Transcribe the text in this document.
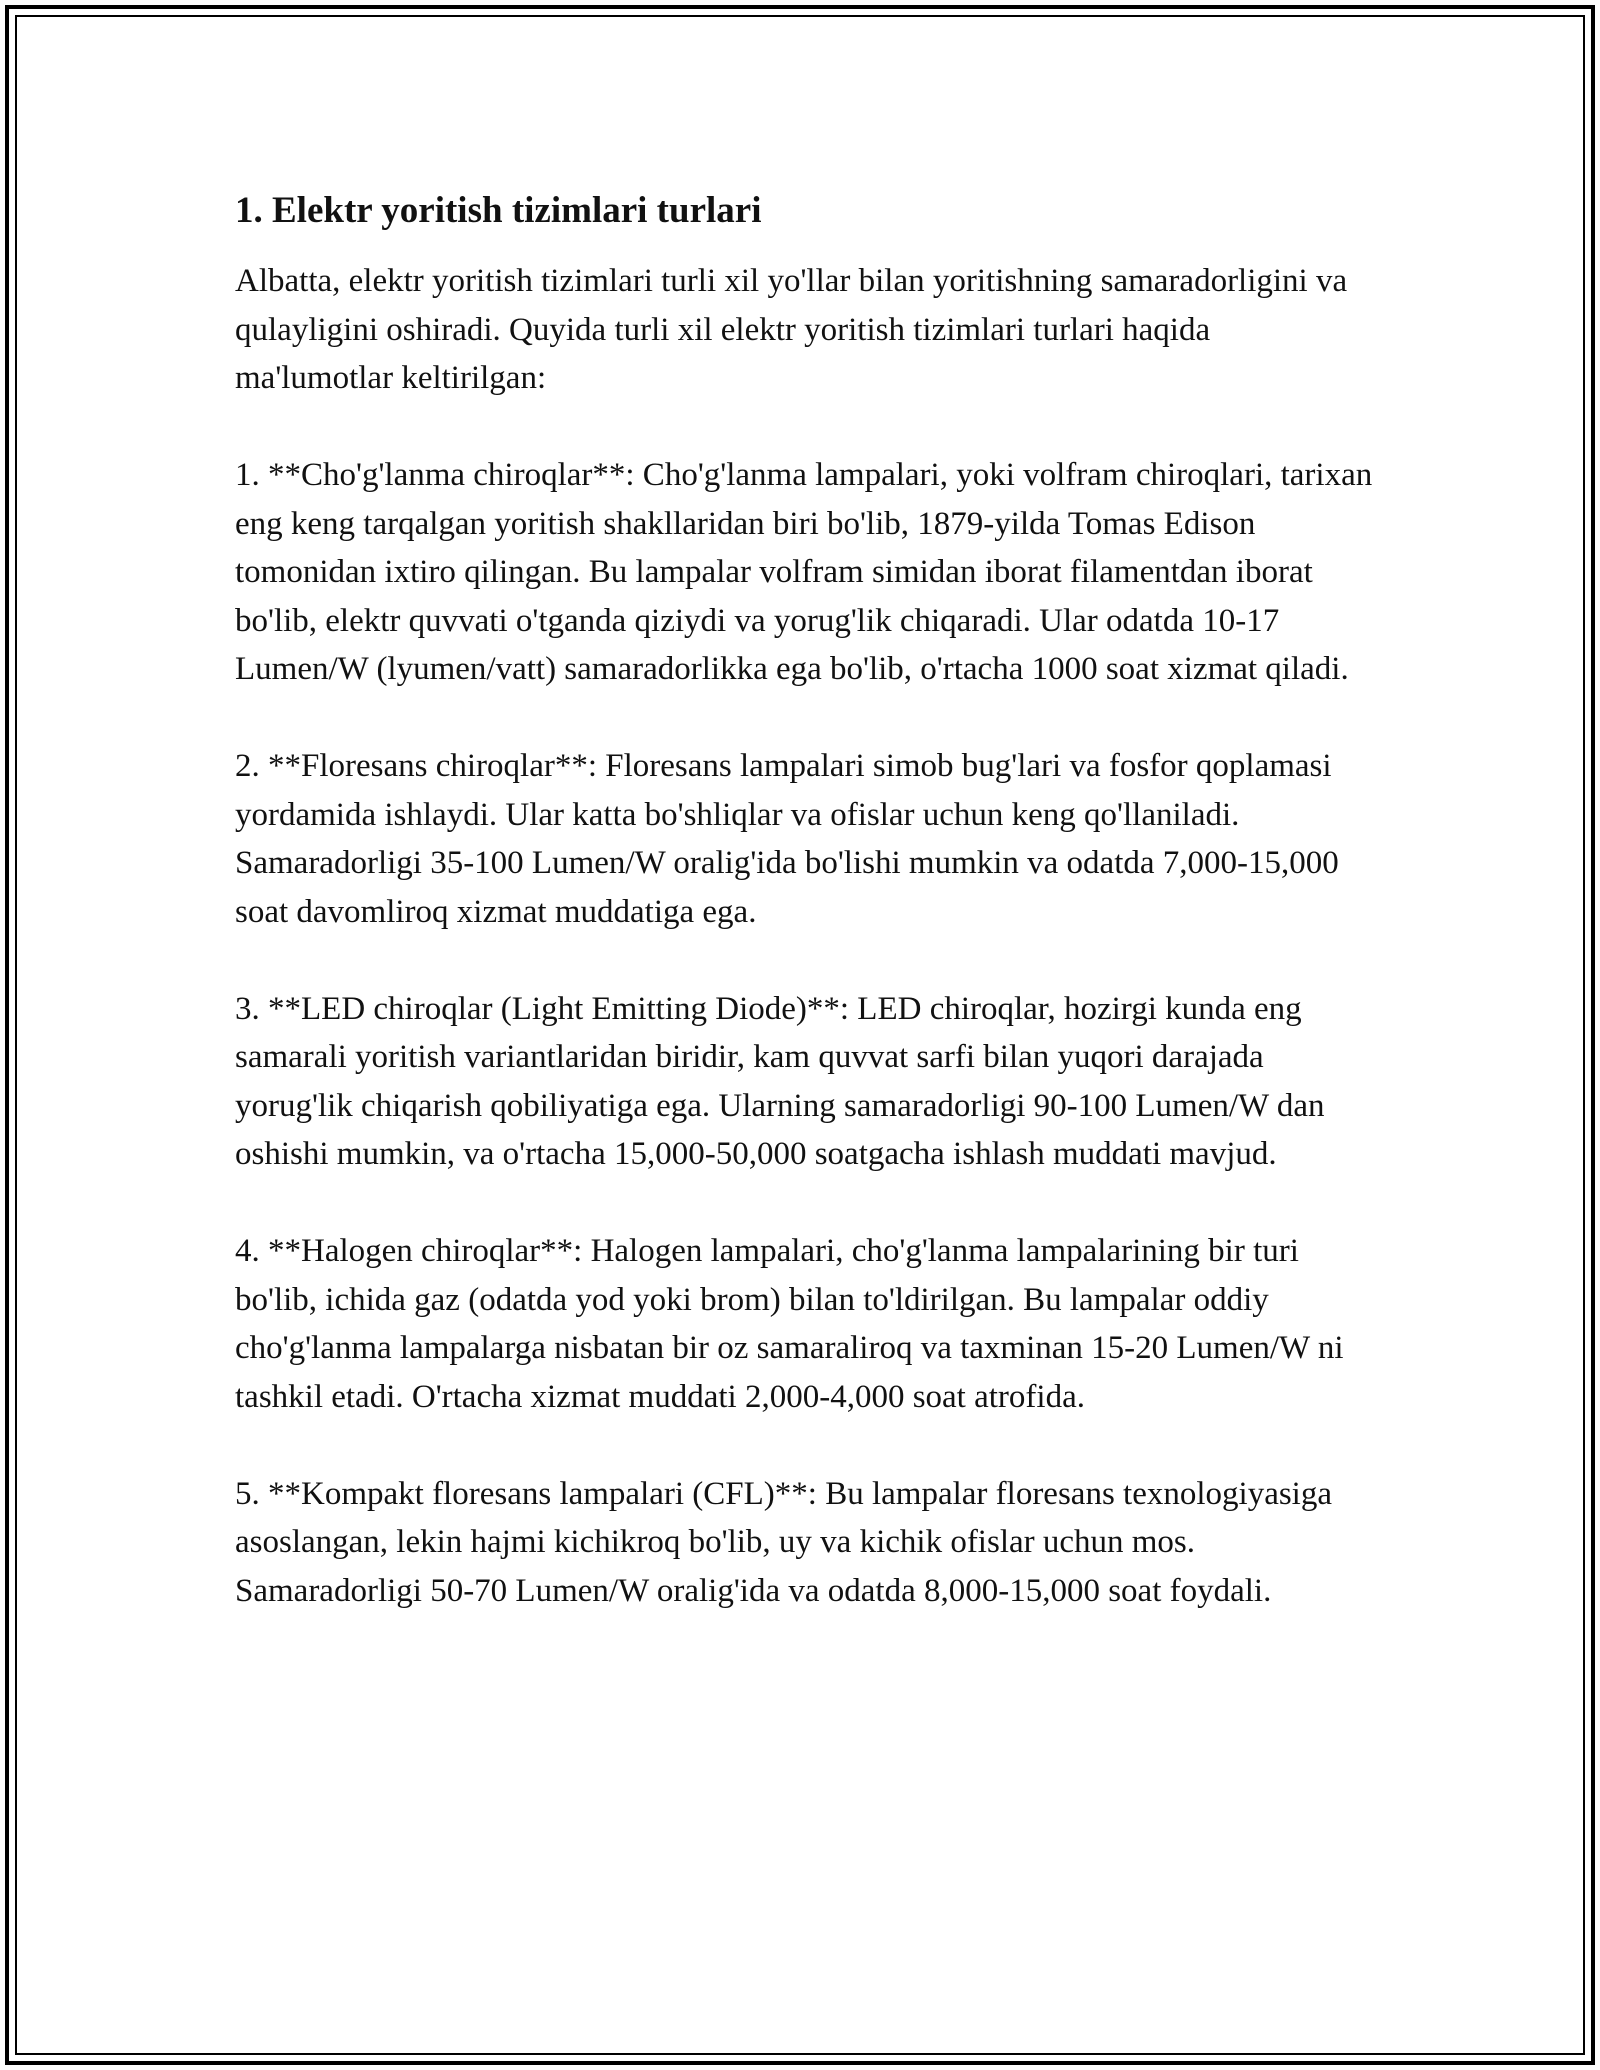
1. Elektr yoritish tizimlari turlari

Albatta, elektr yoritish tizimlari turli xil yo'llar bilan yoritishning samaradorligini va qulayligini oshiradi. Quyida turli xil elektr yoritish tizimlari turlari haqida ma'lumotlar keltirilgan:

1. **Cho'g'lanma chiroqlar**: Cho'g'lanma lampalari, yoki volfram chiroqlari, tarixan eng keng tarqalgan yoritish shakllaridan biri bo'lib, 1879-yilda Tomas Edison tomonidan ixtiro qilingan. Bu lampalar volfram simidan iborat filamentdan iborat bo'lib, elektr quvvati o'tganda qiziydi va yorug'lik chiqaradi. Ular odatda 10-17 Lumen/W (lyumen/vatt) samaradorlikka ega bo'lib, o'rtacha 1000 soat xizmat qiladi.

2. **Floresans chiroqlar**: Floresans lampalari simob bug'lari va fosfor qoplamasi yordamida ishlaydi. Ular katta bo'shliqlar va ofislar uchun keng qo'llaniladi. Samaradorligi 35-100 Lumen/W oralig'ida bo'lishi mumkin va odatda 7,000-15,000 soat davomliroq xizmat muddatiga ega.

3. **LED chiroqlar (Light Emitting Diode)**: LED chiroqlar, hozirgi kunda eng samarali yoritish variantlaridan biridir, kam quvvat sarfi bilan yuqori darajada yorug'lik chiqarish qobiliyatiga ega. Ularning samaradorligi 90-100 Lumen/W dan oshishi mumkin, va o'rtacha 15,000-50,000 soatgacha ishlash muddati mavjud.

4. **Halogen chiroqlar**: Halogen lampalari, cho'g'lanma lampalarining bir turi bo'lib, ichida gaz (odatda yod yoki brom) bilan to'ldirilgan. Bu lampalar oddiy cho'g'lanma lampalarga nisbatan bir oz samaraliroq va taxminan 15-20 Lumen/W ni tashkil etadi. O'rtacha xizmat muddati 2,000-4,000 soat atrofida.

5. **Kompakt floresans lampalari (CFL)**: Bu lampalar floresans texnologiyasiga asoslangan, lekin hajmi kichikroq bo'lib, uy va kichik ofislar uchun mos. Samaradorligi 50-70 Lumen/W oralig'ida va odatda 8,000-15,000 soat foydali.
